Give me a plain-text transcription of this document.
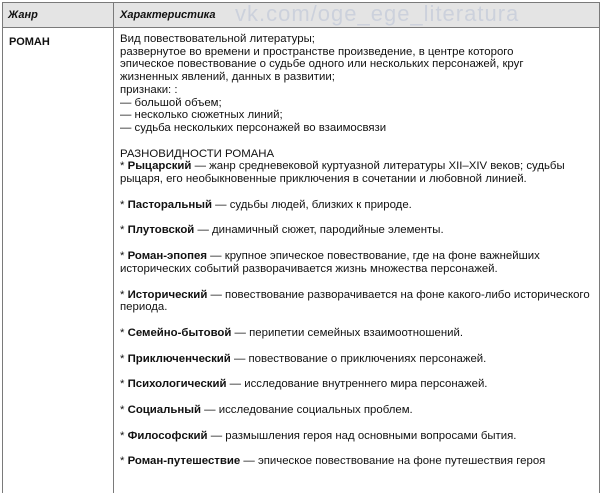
Жанр	Характеристика vk.com/oge_ege_literatura
РОМАН	Вид повествовательной литературы;

развернутое во времени и пространстве произведение, в центре которого

эпическое повествование о судьбе одного или нескольких персонажей, круг

жизненных явлений, данных в развитии;

признаки: :

— большой объем;

— несколько сюжетных линий;

— судьба нескольких персонажей во взаимосвязи

РАЗНОВИДНОСТИ РОМАНА

* Рыцарский — жанр средневековой куртуазной литературы XII–XIV веков; судьбы рыцаря, его необыкновенные приключения в сочетании и любовной линией.

* Пасторальный — судьбы людей, близких к природе.

* Плутовской — динамичный сюжет, пародийные элементы.

* Роман-эпопея — крупное эпическое повествование, где на фоне важнейших исторических событий разворачивается жизнь множества персонажей.

* Исторический — повествование разворачивается на фоне какого-либо исторического периода.

* Семейно-бытовой — перипетии семейных взаимоотношений.

* Приключенческий — повествование о приключениях персонажей.

* Психологический — исследование внутреннего мира персонажей.

* Социальный — исследование социальных проблем.

* Философский — размышления героя над основными вопросами бытия.

* Роман-путешествие — эпическое повествование на фоне путешествия героя
